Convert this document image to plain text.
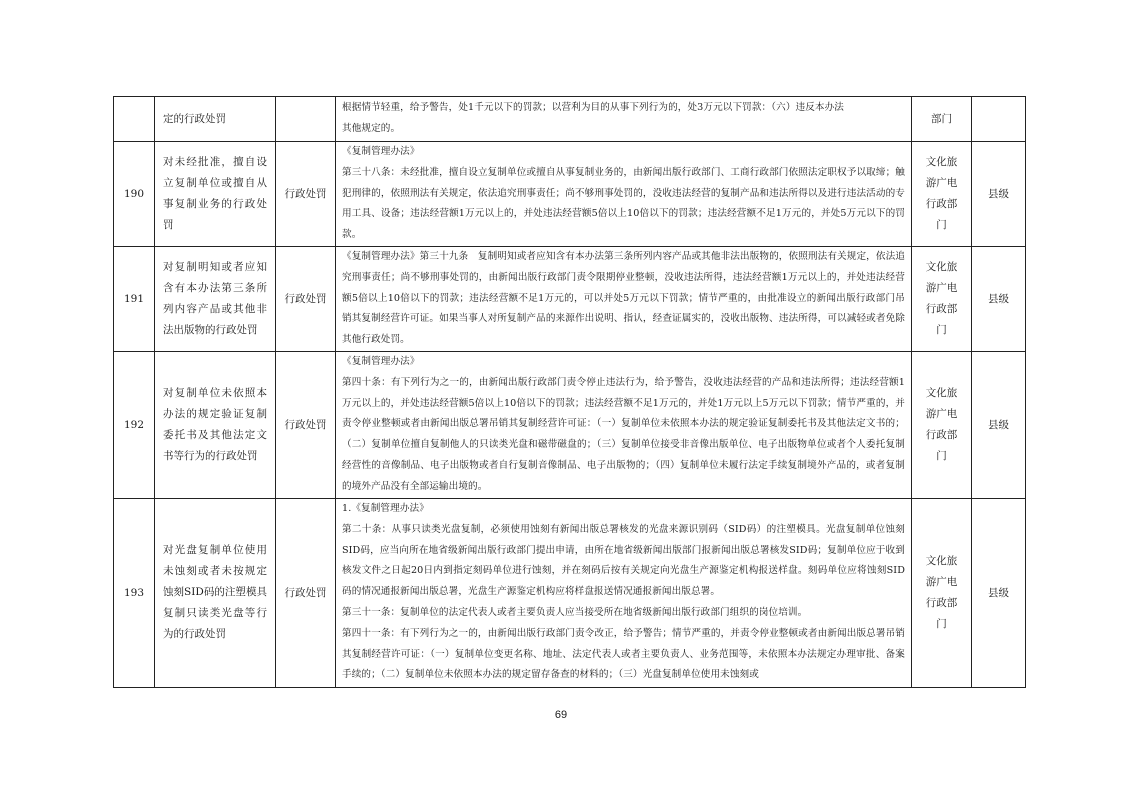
	定的行政处罚		根据情节轻重，给予警告，处1千元以下的罚款；以营利为目的从事下列行为的，处3万元以下罚款：（六）违反本办法

其他规定的。	部门	
190	对未经批准，擅自设立复制单位或擅自从事复制业务的行政处罚	行政处罚	《复制管理办法》

第三十八条：未经批准，擅自设立复制单位或擅自从事复制业务的，由新闻出版行政部门、工商行政部门依照法定职权予以取缔；触犯刑律的，依照刑法有关规定，依法追究刑事责任；尚不够刑事处罚的，没收违法经营的复制产品和违法所得以及进行违法活动的专用工具、设备；违法经营额1万元以上的，并处违法经营额5倍以上10倍以下的罚款；违法经营额不足1万元的，并处5万元以下的罚款。	文化旅游广电行政部门	县级
191	对复制明知或者应知含有本办法第三条所列内容产品或其他非法出版物的行政处罚	行政处罚	《复制管理办法》第三十九条　复制明知或者应知含有本办法第三条所列内容产品或其他非法出版物的，依照刑法有关规定，依法追究刑事责任；尚不够刑事处罚的，由新闻出版行政部门责令限期停业整顿，没收违法所得，违法经营额1万元以上的，并处违法经营额5倍以上10倍以下的罚款；违法经营额不足1万元的，可以并处5万元以下罚款；情节严重的，由批准设立的新闻出版行政部门吊销其复制经营许可证。如果当事人对所复制产品的来源作出说明、指认，经查证属实的，没收出版物、违法所得，可以减轻或者免除其他行政处罚。	文化旅游广电行政部门	县级
192	对复制单位未依照本办法的规定验证复制委托书及其他法定文书等行为的行政处罚	行政处罚	《复制管理办法》

第四十条：有下列行为之一的，由新闻出版行政部门责令停止违法行为，给予警告，没收违法经营的产品和违法所得；违法经营额1万元以上的，并处违法经营额5倍以上10倍以下的罚款；违法经营额不足1万元的，并处1万元以上5万元以下罚款；情节严重的，并责令停业整顿或者由新闻出版总署吊销其复制经营许可证：（一）复制单位未依照本办法的规定验证复制委托书及其他法定文书的；（二）复制单位擅自复制他人的只读类光盘和磁带磁盘的；（三）复制单位接受非音像出版单位、电子出版物单位或者个人委托复制经营性的音像制品、电子出版物或者自行复制音像制品、电子出版物的；（四）复制单位未履行法定手续复制境外产品的，或者复制的境外产品没有全部运输出境的。	文化旅游广电行政部门	县级
193	对光盘复制单位使用未蚀刻或者未按规定蚀刻SID码的注塑模具复制只读类光盘等行为的行政处罚	行政处罚	1.《复制管理办法》

第二十条：从事只读类光盘复制，必须使用蚀刻有新闻出版总署核发的光盘来源识别码（SID码）的注塑模具。光盘复制单位蚀刻SID码，应当向所在地省级新闻出版行政部门提出申请，由所在地省级新闻出版部门报新闻出版总署核发SID码；复制单位应于收到核发文件之日起20日内到指定刻码单位进行蚀刻，并在刻码后按有关规定向光盘生产源鉴定机构报送样盘。刻码单位应将蚀刻SID码的情况通报新闻出版总署，光盘生产源鉴定机构应将样盘报送情况通报新闻出版总署。

第三十一条：复制单位的法定代表人或者主要负责人应当接受所在地省级新闻出版行政部门组织的岗位培训。

第四十一条：有下列行为之一的，由新闻出版行政部门责令改正，给予警告；情节严重的，并责令停业整顿或者由新闻出版总署吊销其复制经营许可证：（一）复制单位变更名称、地址、法定代表人或者主要负责人、业务范围等，未依照本办法规定办理审批、备案手续的；（二）复制单位未依照本办法的规定留存备查的材料的；（三）光盘复制单位使用未蚀刻或	文化旅游广电行政部门	县级
69
